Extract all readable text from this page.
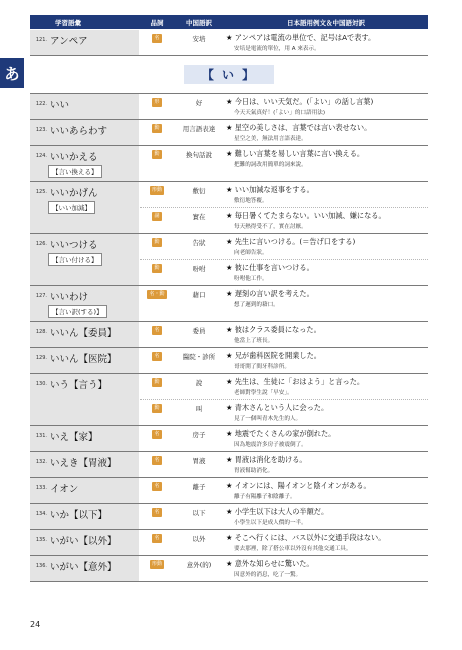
あ
学習語彙	品詞	中国語訳	日本語用例文＆中国語対訳
121. アンペア	名	安培	★ アンペアは電流の単位で、記号はAで表す。
安培是電流的單位，用 A 來表示。
【 い 】
122. いい	形	好	★ 今日は、いい天気だ。(「よい」の話し言葉)
今天天氣真好！(「よい」的口語用法)
123. いいあらわす	動	用言語表達	★ 星空の美しさは、言葉では言い表せない。
星空之美，無法用言語表達。
124. いいかえる
【言い換える】
動	換句話說	★ 難しい言葉を易しい言葉に言い換える。
把難的詞改用簡單的詞來說。
125. いいかげん
【いい加減】
形動	敷衍	★ いい加減な返事をする。
敷衍地答覆。
副	實在	★ 毎日暑くてたまらない。いい加減、嫌になる。
每天熱得受不了，實在討厭。
126. いいつける
【言い付ける】
動	告狀	★ 先生に言いつける。(＝告げ口をする)
向老師告狀。
動	吩咐	★ 彼に仕事を言いつける。
吩咐他工作。
127. いいわけ
【言い訳(する)】
名・動	藉口	★ 遅刻の言い訳を考えた。
想了遲到的藉口。
128. いいん【委員】	名	委員	★ 彼はクラス委員になった。
他當上了班長。
129. いいん【医院】	名	醫院・診所	★ 兄が歯科医院を開業した。
哥哥開了間牙科診所。
130. いう【言う】	動	說	★ 先生は、生徒に「おはよう」と言った。
老師對學生說「早安」。
動	叫	★ 青木さんという人に会った。
見了一個叫青木先生的人。
131. いえ【家】	名	房子	★ 地震でたくさんの家が倒れた。
因為地震許多房子被震倒了。
132. いえき【胃液】	名	胃液	★ 胃液は消化を助ける。
胃液幫助消化。
133. イオン	名	離子	★ イオンには、陽イオンと陰イオンがある。
離子有陽離子和陰離子。
134. いか【以下】	名	以下	★ 小学生以下は大人の半額だ。
小學生以下是成人價的一半。
135. いがい【以外】	名	以外	★ そこへ行くには、バス以外に交通手段はない。
要去那裡，除了搭公車以外沒有其他交通工具。
136. いがい【意外】	形動	意外(的)	★ 意外な知らせに驚いた。
因意外的消息，吃了一驚。
24
